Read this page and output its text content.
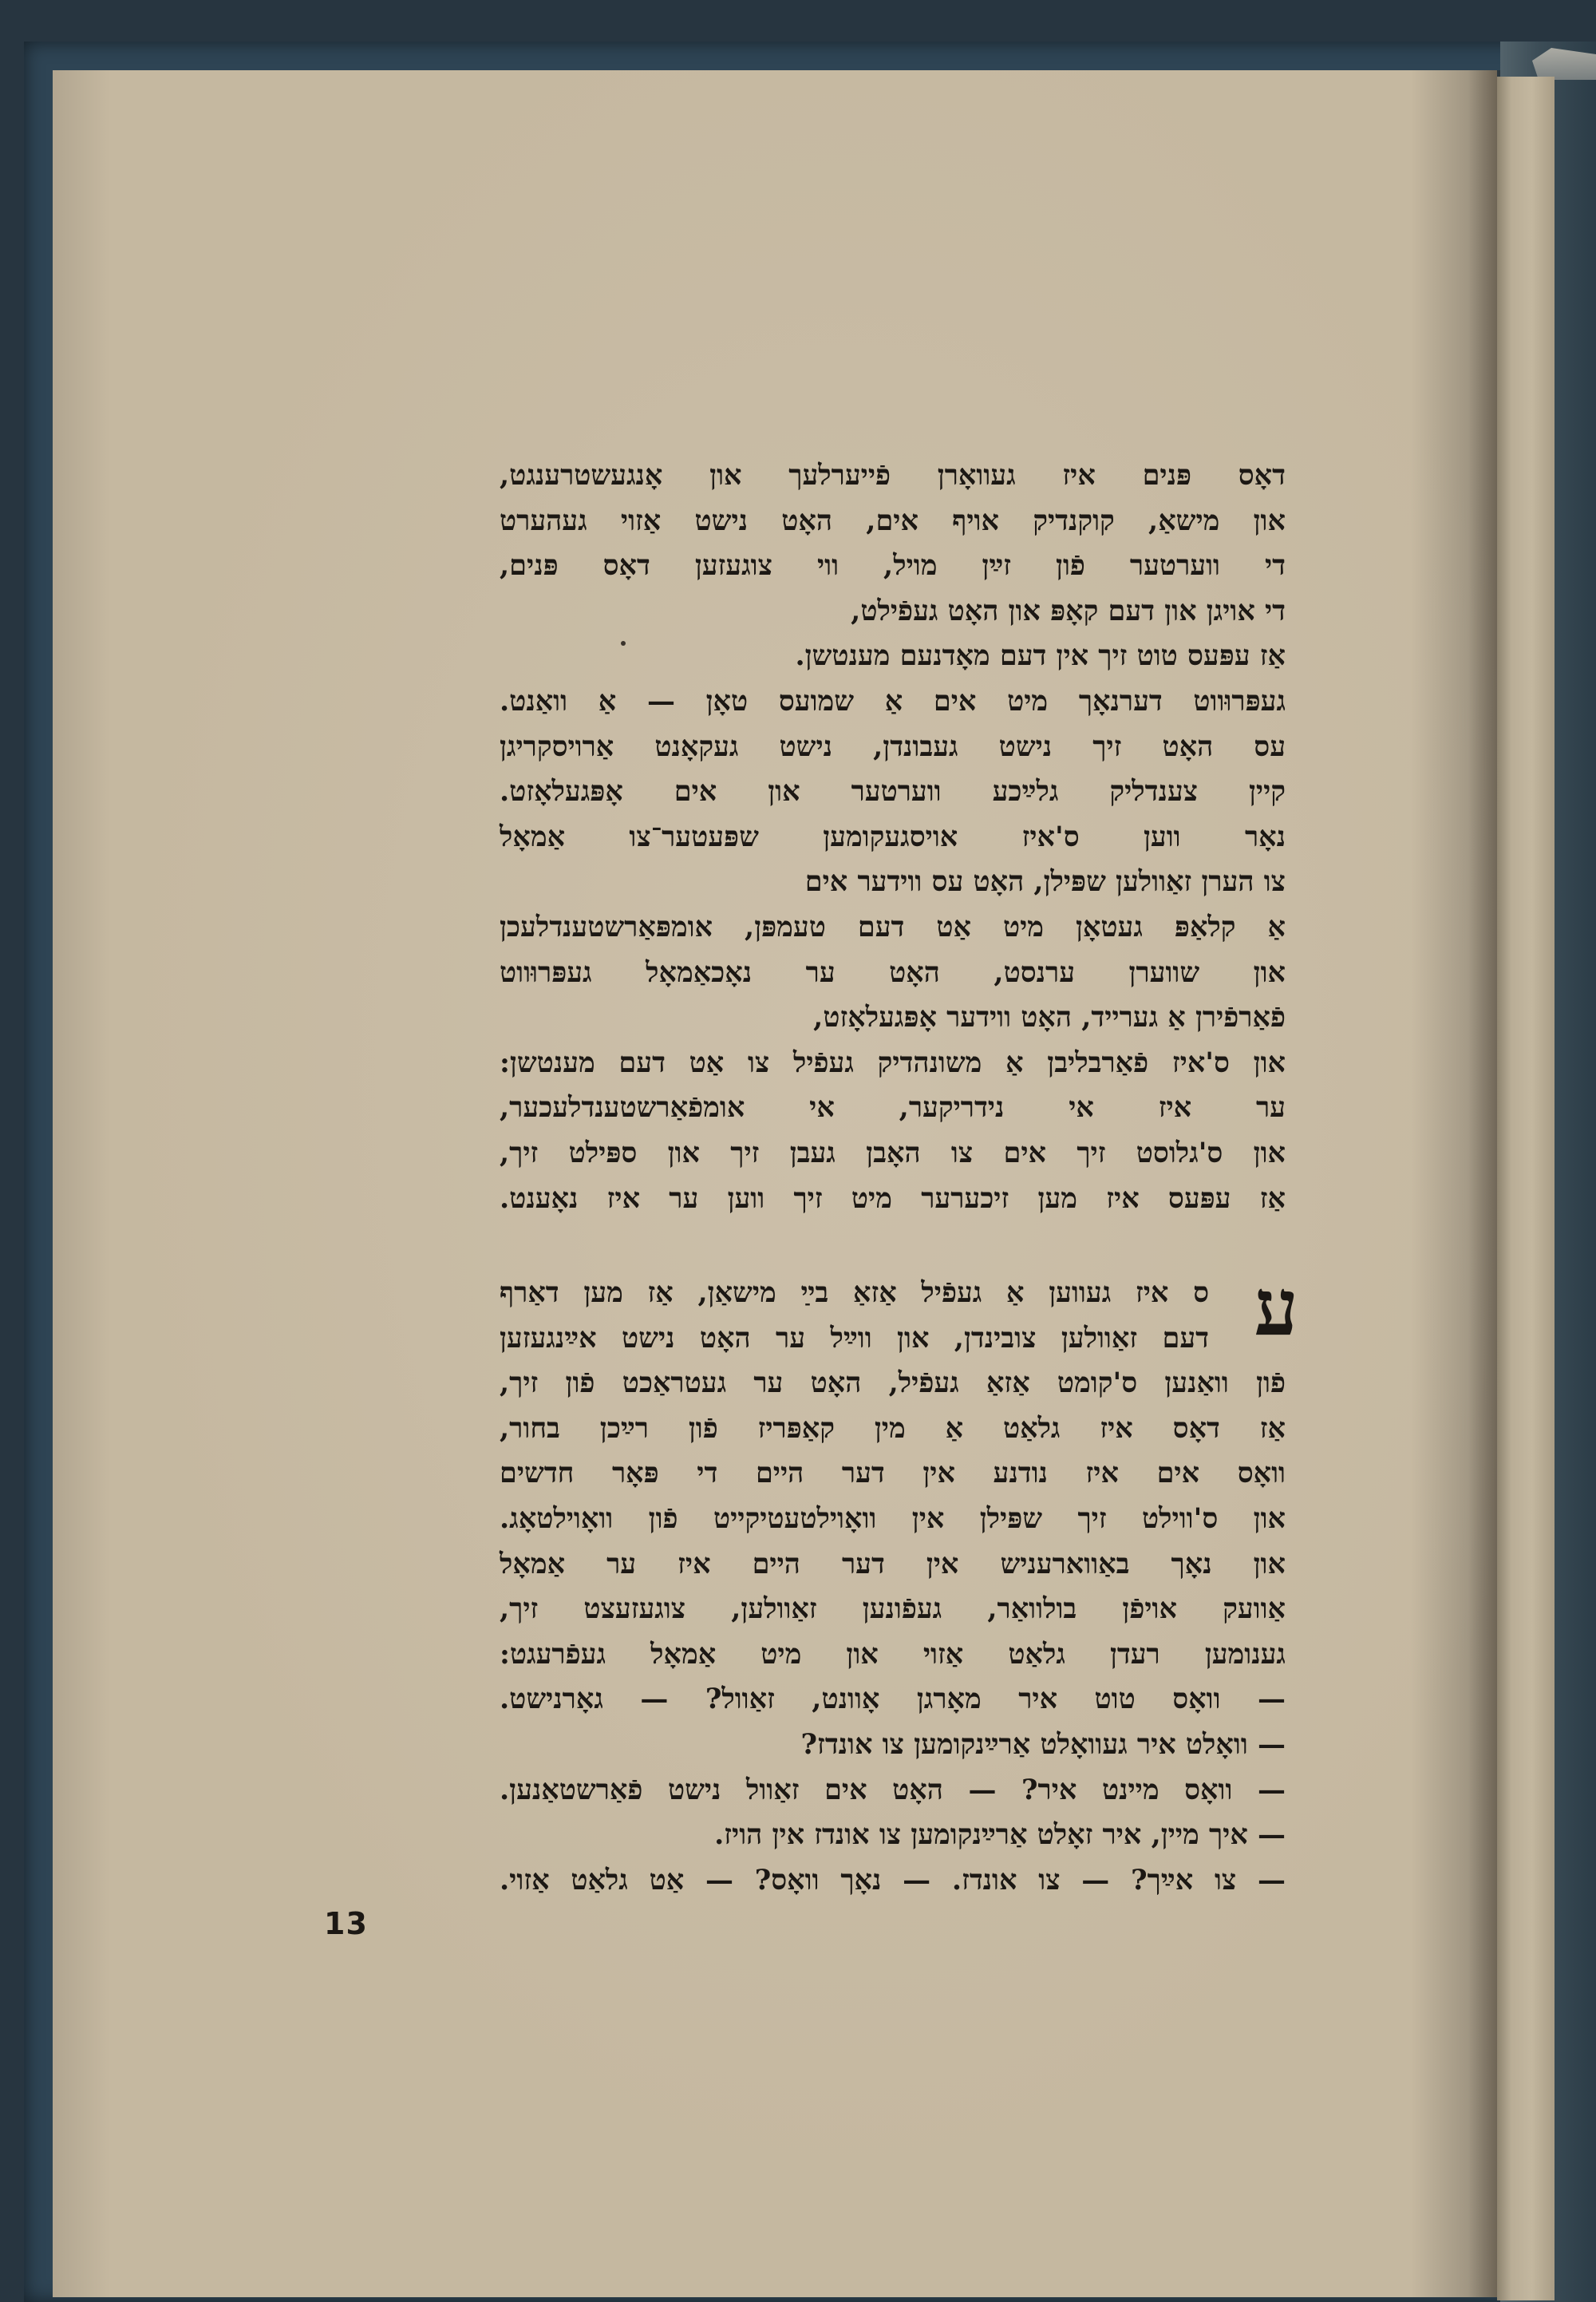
דאָס פּנים איז געוואָרן פֿייערלעך און אָנגעשטרענגט,
און מישאַ, קוקנדיק אויף אים, האָט נישט אַזוי געהערט
די ווערטער פֿון זײַן מויל, ווי צוגעזען דאָס פּנים,
די אויגן און דעם קאָפּ און האָט געפֿילט,
אַז עפּעס טוט זיך אין דעם מאָדנעם מענטשן.
געפּרוּווט דערנאָך מיט אים אַ שמועס טאָן — אַ וואַנט.
עס האָט זיך נישט געבונדן, נישט געקאָנט אַרויסקריגן
קיין צענדליק גלײַכע ווערטער און אים אָפּגעלאָזט.
נאָר ווען ס'איז אויסגעקומען שפּעטער־צו אַמאָל
צו הערן זאַוולען שפּילן, האָט עס ווידער אים
אַ קלאַפּ געטאָן מיט אַט דעם טעמפּן, אומפּאַרשטענדלעכן
און שווערן ערנסט, האָט ער נאָכאַמאָל געפּרוּווט
פֿאַרפֿירן אַ גערייד, האָט ווידער אָפּגעלאָזט,
און ס'איז פֿאַרבליבן אַ משונהדיק געפֿיל צו אַט דעם מענטשן:
ער איז אי נידריקער, אי אומפֿאַרשטענדלעכער,
און ס'גלוסט זיך אים צו האָבן געבן זיך און ספּילט זיך,
אַז עפּעס איז מען זיכערער מיט זיך ווען ער איז נאָענט.
ע
ס איז געווען אַ געפֿיל אַזאַ בײַ מישאַן, אַז מען דאַרף
דעם זאַוולען צובינדן, און ווײַל ער האָט נישט אײַנגעזען
פֿון וואַנען ס'קומט אַזאַ געפֿיל, האָט ער געטראַכט פֿון זיך,
אַז דאָס איז גלאַט אַ מין קאַפּריז פֿון רײַכן בחור,
וואָס אים איז נודנע אין דער היים די פּאָר חדשים
און ס'ווילט זיך שפּילן אין וואָוילטעטיקייט פֿון וואָוילטאָג.
און נאָך באַווארעניש אין דער היים איז ער אַמאָל
אַוועק אויפֿן בולוואַר, געפֿונען זאַוולען, צוגעזעצט זיך,
גענומען רעדן גלאַט אַזוי און מיט אַמאָל געפֿרעגט:
— וואָס טוט איר מאָרגן אָוונט, זאַוול? — גאָרנישט.
— וואָלט איר געוואָלט אַרײַנקומען צו אונדז?
— וואָס מיינט איר? — האָט אים זאַוול נישט פֿאַרשטאַנען.
— איך מיין, איר זאָלט אַרײַנקומען צו אונדז אין הויז.
— צו אײַך? — צו אונדז. — נאָך וואָס? — אַט גלאַט אַזוי.
13
